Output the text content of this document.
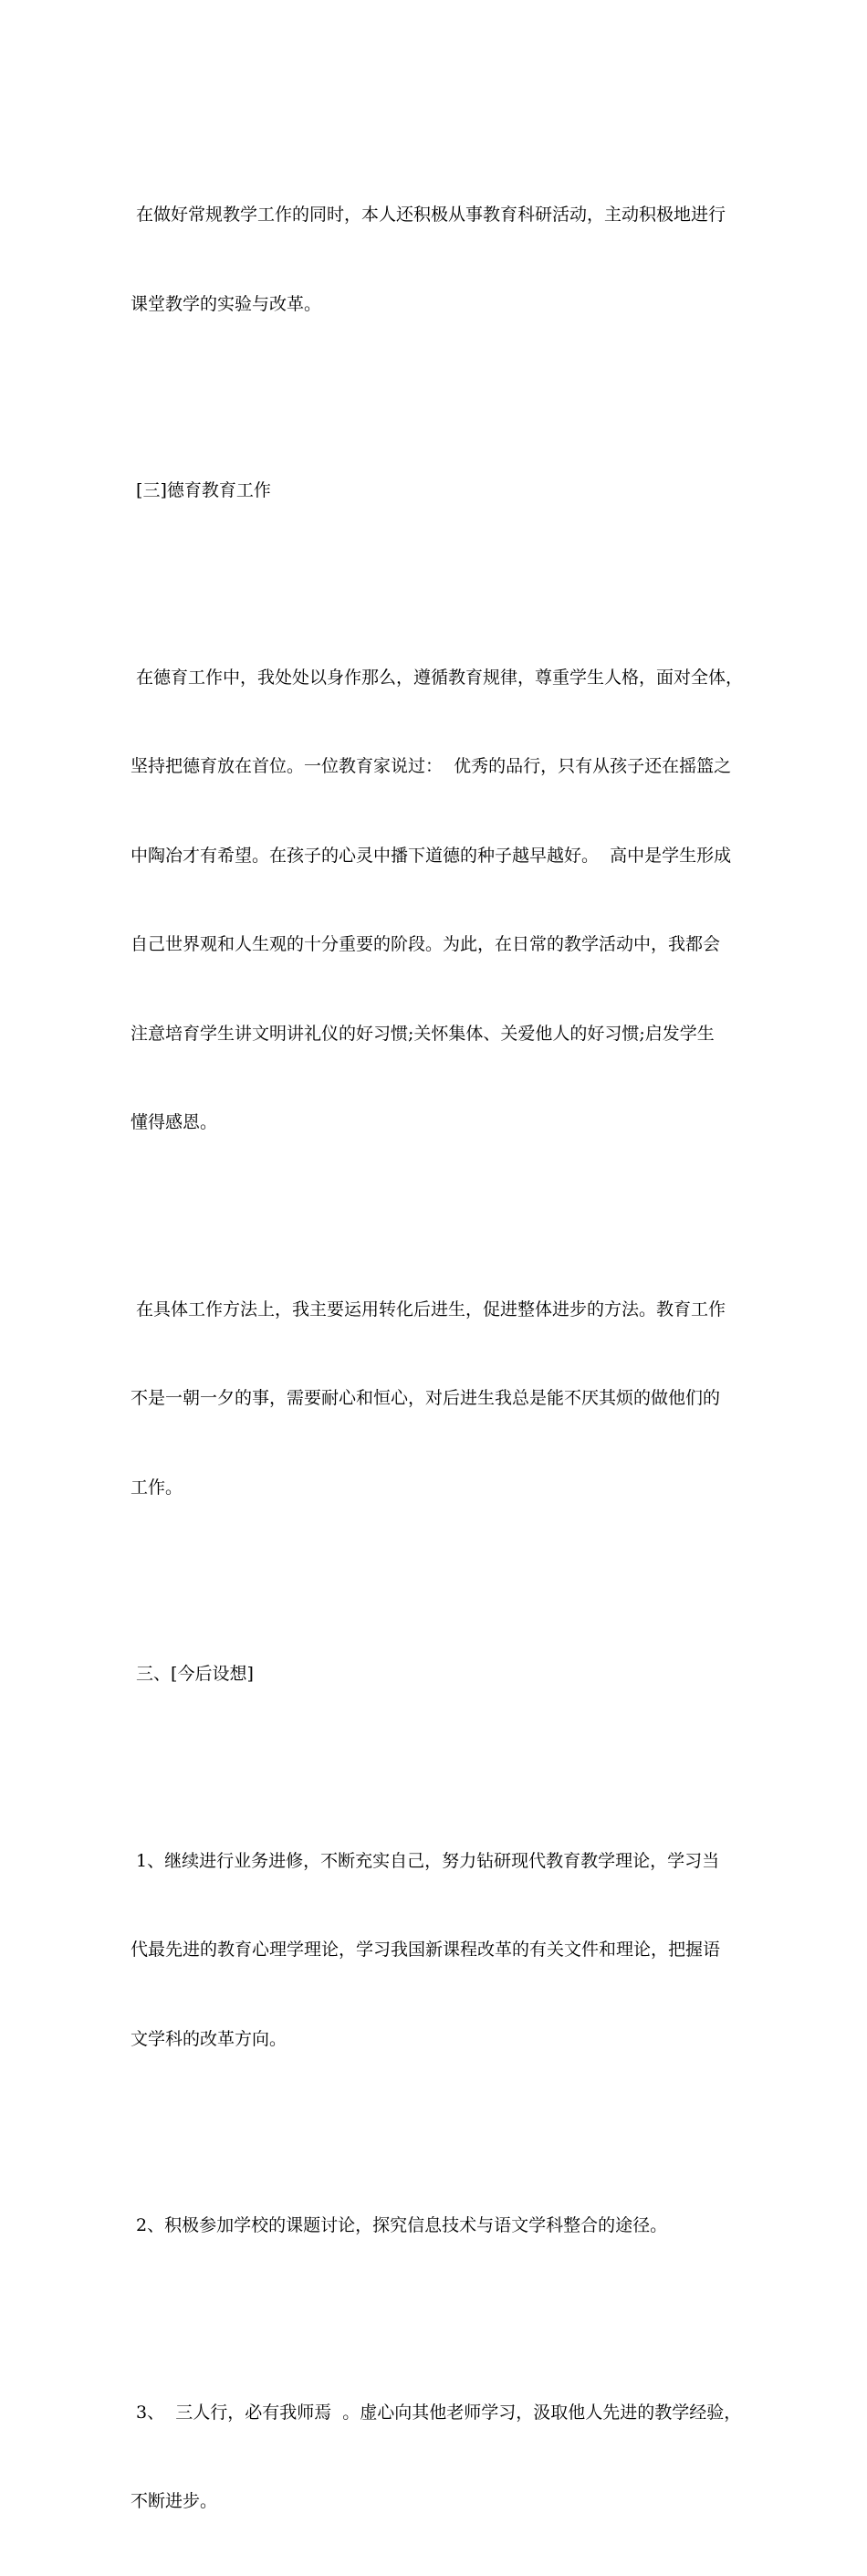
在做好常规教学工作的同时，本人还积极从事教育科研活动，主动积极地进行

课堂教学的实验与改革。

[三]德育教育工作

在德育工作中，我处处以身作那么，遵循教育规律，尊重学生人格，面对全体，

坚持把德育放在首位。一位教育家说过：  优秀的品行，只有从孩子还在摇篮之

中陶冶才有希望。在孩子的心灵中播下道德的种子越早越好。  高中是学生形成

自己世界观和人生观的十分重要的阶段。为此，在日常的教学活动中，我都会

注意培育学生讲文明讲礼仪的好习惯;关怀集体、关爱他人的好习惯;启发学生

懂得感恩。

在具体工作方法上，我主要运用转化后进生，促进整体进步的方法。教育工作

不是一朝一夕的事，需要耐心和恒心，对后进生我总是能不厌其烦的做他们的

工作。

三、[今后设想]

1、继续进行业务进修，不断充实自己，努力钻研现代教育教学理论，学习当

代最先进的教育心理学理论，学习我国新课程改革的有关文件和理论，把握语

文学科的改革方向。

2、积极参加学校的课题讨论，探究信息技术与语文学科整合的途径。

3、  三人行，必有我师焉  。虚心向其他老师学习，汲取他人先进的教学经验，

不断进步。
